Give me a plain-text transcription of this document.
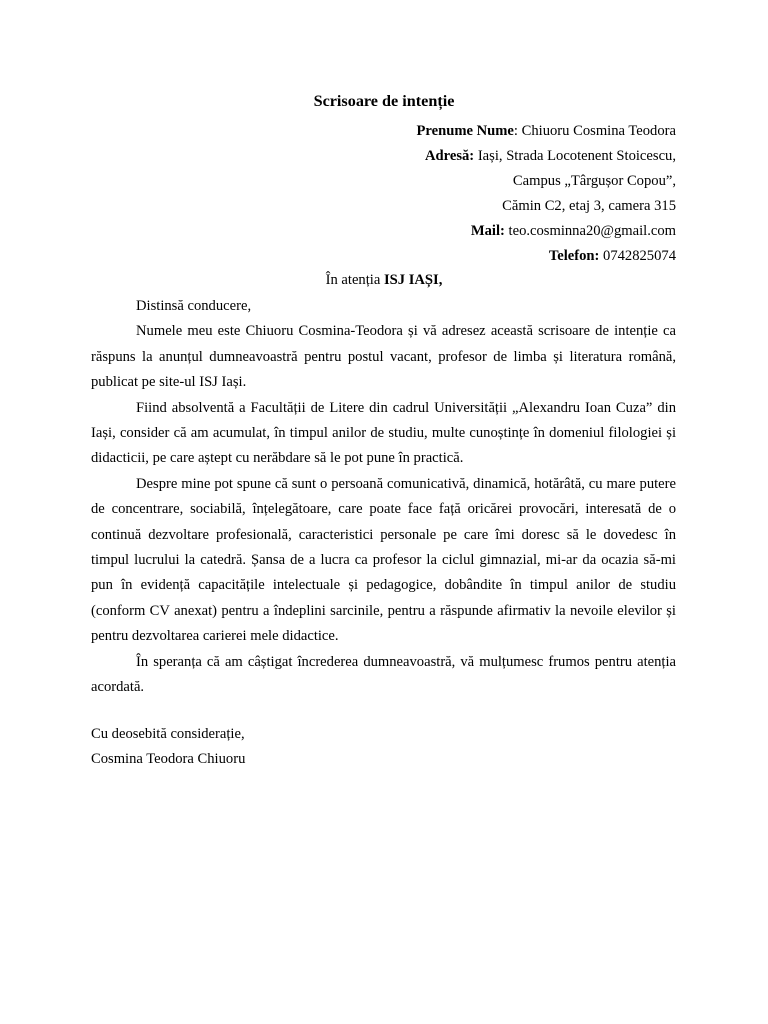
Scrisoare de intenție
Prenume Nume: Chiuoru Cosmina Teodora
Adresă: Iași, Strada Locotenent Stoicescu,
Campus „Târgușor Copou”,
Cămin C2, etaj 3, camera 315
Mail: teo.cosminna20@gmail.com
Telefon: 0742825074
În atenția ISJ IAȘI,

Distinsă conducere,

Numele meu este Chiuoru Cosmina-Teodora și vă adresez această scrisoare de intenție ca răspuns la anunțul dumneavoastră pentru postul vacant, profesor de limba și literatura română, publicat pe site-ul ISJ Iași.

Fiind absolventă a Facultății de Litere din cadrul Universității „Alexandru Ioan Cuza” din Iași, consider că am acumulat, în timpul anilor de studiu, multe cunoștințe în domeniul filologiei și didacticii, pe care aștept cu nerăbdare să le pot pune în practică.

Despre mine pot spune că sunt o persoană comunicativă, dinamică, hotărâtă, cu mare putere de concentrare, sociabilă, înțelegătoare, care poate face față oricărei provocări, interesată de o continuă dezvoltare profesională, caracteristici personale pe care îmi doresc să le dovedesc în timpul lucrului la catedră. Șansa de a lucra ca profesor la ciclul gimnazial, mi-ar da ocazia să-mi pun în evidență capacitățile intelectuale și pedagogice, dobândite în timpul anilor de studiu (conform CV anexat) pentru a îndeplini sarcinile, pentru a răspunde afirmativ la nevoile elevilor și pentru dezvoltarea carierei mele didactice.

În speranța că am câștigat încrederea dumneavoastră, vă mulțumesc frumos pentru atenția acordată.

Cu deosebită considerație,
Cosmina Teodora Chiuoru
